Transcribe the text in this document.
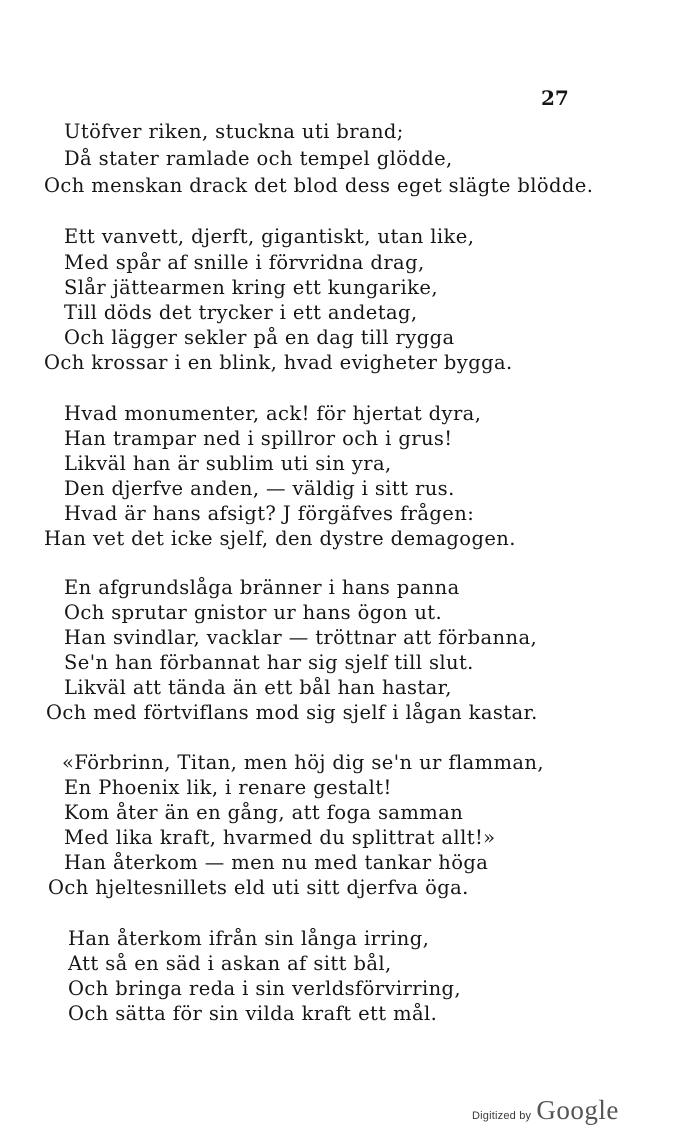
27
Utöfver riken, stuckna uti brand;
Då stater ramlade och tempel glödde,
Och menskan drack det blod dess eget slägte blödde.
Ett vanvett, djerft, gigantiskt, utan like,
Med spår af snille i förvridna drag,
Slår jättearmen kring ett kungarike,
Till döds det trycker i ett andetag,
Och lägger sekler på en dag till rygga
Och krossar i en blink, hvad evigheter bygga.
Hvad monumenter, ack! för hjertat dyra,
Han trampar ned i spillror och i grus!
Likväl han är sublim uti sin yra,
Den djerfve anden, — väldig i sitt rus.
Hvad är hans afsigt? J förgäfves frågen:
Han vet det icke sjelf, den dystre demagogen.
En afgrundslåga bränner i hans panna
Och sprutar gnistor ur hans ögon ut.
Han svindlar, vacklar — tröttnar att förbanna,
Se'n han förbannat har sig sjelf till slut.
Likväl att tända än ett bål han hastar,
Och med förtviflans mod sig sjelf i lågan kastar.
«Förbrinn, Titan, men höj dig se'n ur flamman,
En Phoenix lik, i renare gestalt!
Kom åter än en gång, att foga samman
Med lika kraft, hvarmed du splittrat allt!»
Han återkom — men nu med tankar höga
Och hjeltesnillets eld uti sitt djerfva öga.
Han återkom ifrån sin långa irring,
Att så en säd i askan af sitt bål,
Och bringa reda i sin verldsförvirring,
Och sätta för sin vilda kraft ett mål.
Digitized by Google
